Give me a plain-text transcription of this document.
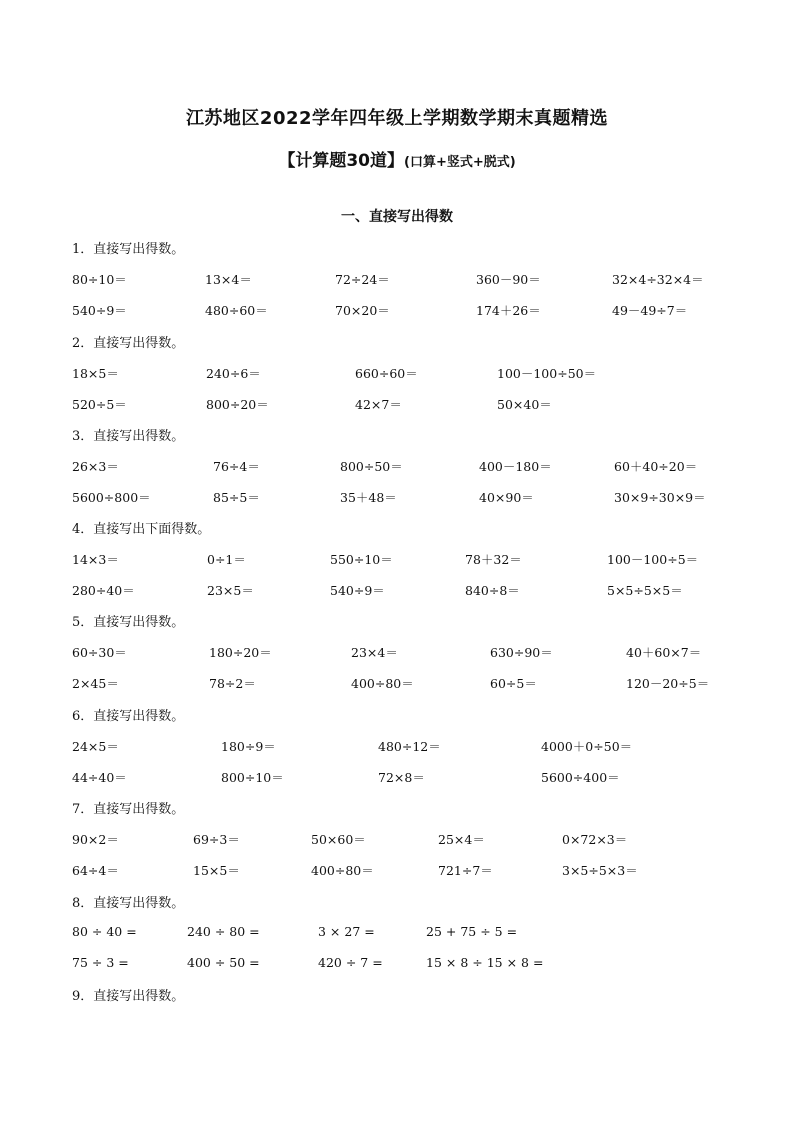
江苏地区2022学年四年级上学期数学期末真题精选
【计算题30道】(口算+竖式+脱式)
一、直接写出得数
1．直接写出得数。
80÷10＝	13×4＝	72÷24＝	360－90＝	32×4÷32×4＝
540÷9＝	480÷60＝	70×20＝	174＋26＝	49－49÷7＝
2．直接写出得数。
18×5＝	240÷6＝	660÷60＝	100－100÷50＝
520÷5＝	800÷20＝	42×7＝	50×40＝
3．直接写出得数。
26×3＝	76÷4＝	800÷50＝	400－180＝	60＋40÷20＝
5600÷800＝	85÷5＝	35＋48＝	40×90＝	30×9÷30×9＝
4．直接写出下面得数。
14×3＝	0÷1＝	550÷10＝	78＋32＝	100－100÷5＝
280÷40＝	23×5＝	540÷9＝	840÷8＝	5×5÷5×5＝
5．直接写出得数。
60÷30＝	180÷20＝	23×4＝	630÷90＝	40＋60×7＝
2×45＝	78÷2＝	400÷80＝	60÷5＝	120－20÷5＝
6．直接写出得数。
24×5＝	180÷9＝	480÷12＝	4000＋0÷50＝
44÷40＝	800÷10＝	72×8＝	5600÷400＝
7．直接写出得数。
90×2＝	69÷3＝	50×60＝	25×4＝	0×72×3＝
64÷4＝	15×5＝	400÷80＝	721÷7＝	3×5÷5×3＝
8．直接写出得数。
80 ÷ 40 =	240 ÷ 80 =	3 × 27 =	25 + 75 ÷ 5 =
75 ÷ 3 =	400 ÷ 50 =	420 ÷ 7 =	15 × 8 ÷ 15 × 8 =
9．直接写出得数。
